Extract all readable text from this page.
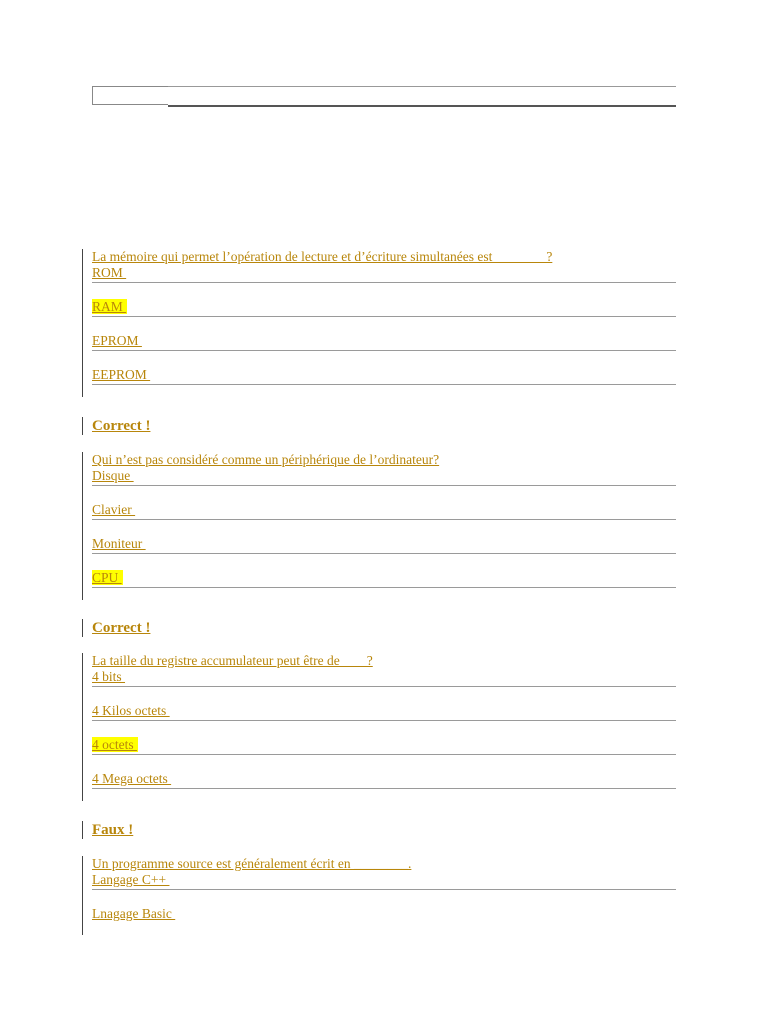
La mémoire qui permet l’opération de lecture et d’écriture simultanées est                ?
ROM
RAM
EPROM
EEPROM
Correct !
Qui n’est pas considéré comme un périphérique de l’ordinateur?
Disque
Clavier
Moniteur
CPU
Correct !
La taille du registre accumulateur peut être de        ?
4 bits
4 Kilos octets
4 octets
4 Mega octets
Faux !
Un programme source est généralement écrit en ________.
Langage C++
Lnagage Basic
